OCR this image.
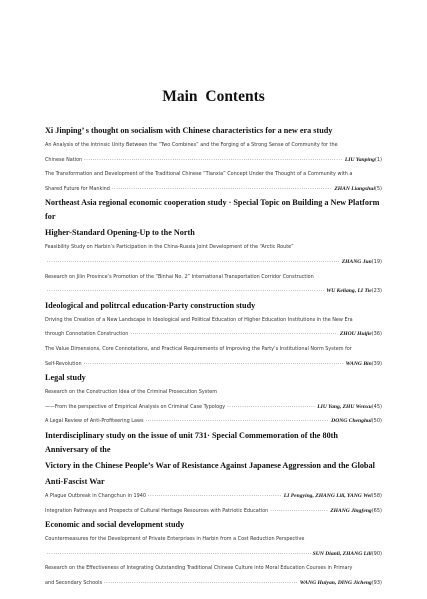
Main Contents
Xi Jinping’ s thought on socialism with Chinese characteristics for a new era study
An Analysis of the Intrinsic Unity Between the “Two Combines” and the Forging of a Strong Sense of Community for the
Chinese Nation ·····	LIU Yanping (1)
The Transformation and Development of the Traditional Chinese “Tianxia” Concept Under the Thought of a Community with a
Shared Future for Mankind ·····	ZHAN Liangshui (5)
Northeast Asia regional economic cooperation study · Special Topic on Building a New Platform for
Higher-Standard Opening-Up to the North
Feasibility Study on Harbin’s Participation in the China-Russia Joint Development of the “Arctic Route”
·····
ZHANG Jun (19)
Research on Jilin Province’s Promotion of the “Binhai No. 2” International Transportation Corridor Construction
·····
WU Keliang, LI Tie (23)
Ideological and politrcal education·Party construction study
Driving the Creation of a New Landscape in Ideological and Political Education of Higher Education Institutions in the New Era
through Connotation Construction ·····	ZHOU Huijie (36)
The Value Dimensions, Core Connotations, and Practical Requirements of Improving the Party’s Institutional Norm System for
Self-Revolution ·····	WANG Bin (39)
Legal study
Research on the Construction Idea of the Criminal Prosecution System
——From the perspective of Empirical Analysis on Criminal Case Typology ·····	LIU Yang, ZHU Wenxu (45)
A Legal Review of Anti-Profiteering Laws ·····	DONG Chenghui (50)
Interdisciplinary study on the issue of unit 731· Special Commemoration of the 80th Anniversary of the
Victory in the Chinese People’s War of Resistance Against Japanese Aggression and the Global
Anti-Fascist War
A Plague Outbreak in Changchun in 1940 ·····	LI Pengying, ZHANG Lili, YANG Wei (58)
Integration Pathways and Prospects of Cultural Heritage Resources with Patriotic Education ·····	ZHANG Jingfeng (65)
Economic and social development study
Countermeasures for the Development of Private Enterprises in Harbin from a Cost Reduction Perspective
·····
SUN Dianli, ZHANG Lili (90)
Research on the Effectiveness of Integrating Outstanding Traditional Chinese Culture into Moral Education Courses in Primary
and Secondary Schools ·····	WANG Huiyan, DING Jicheng (93)
